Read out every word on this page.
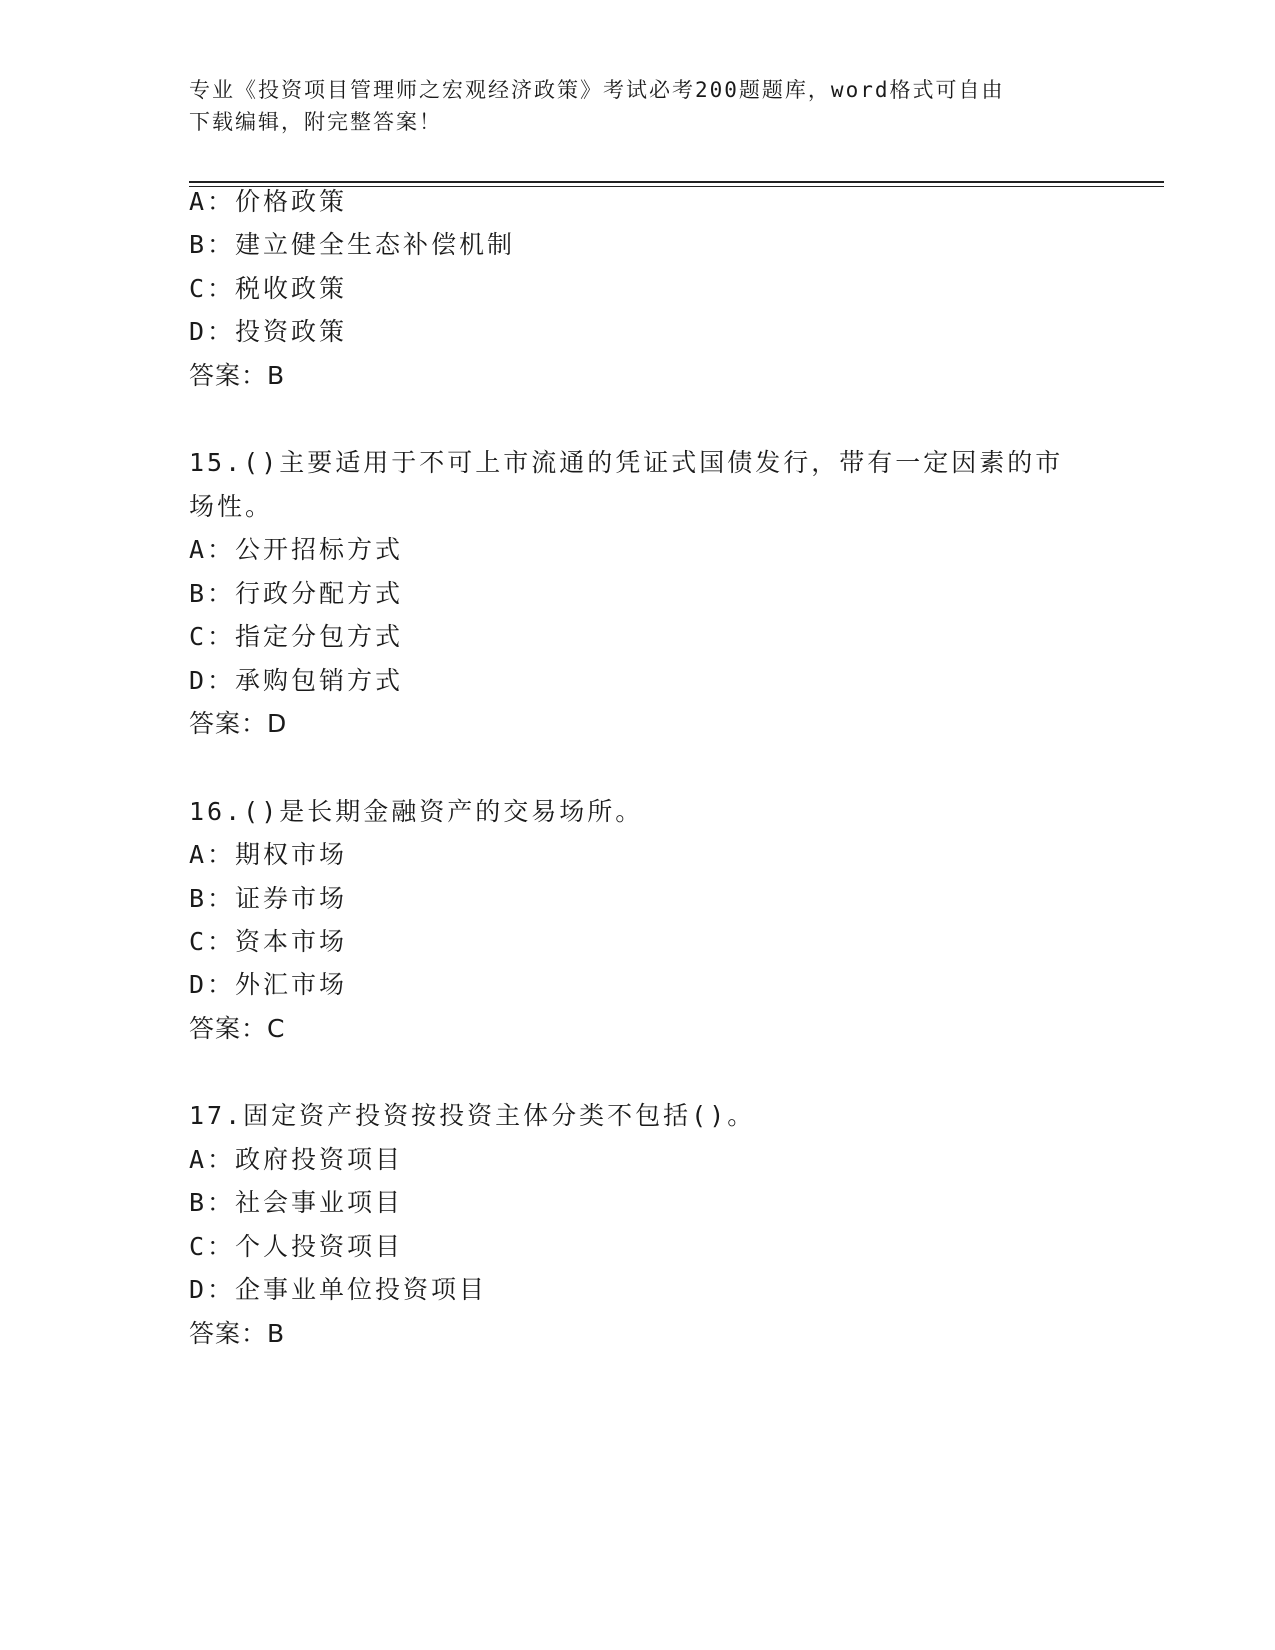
专业《投资项目管理师之宏观经济政策》考试必考200题题库，word格式可自由
下载编辑，附完整答案！
A：价格政策
B：建立健全生态补偿机制
C：税收政策
D：投资政策
答案：B
15.()主要适用于不可上市流通的凭证式国债发行，带有一定因素的市
场性。
A：公开招标方式
B：行政分配方式
C：指定分包方式
D：承购包销方式
答案：D
16.()是长期金融资产的交易场所。
A：期权市场
B：证券市场
C：资本市场
D：外汇市场
答案：C
17.固定资产投资按投资主体分类不包括()。
A：政府投资项目
B：社会事业项目
C：个人投资项目
D：企事业单位投资项目
答案：B
